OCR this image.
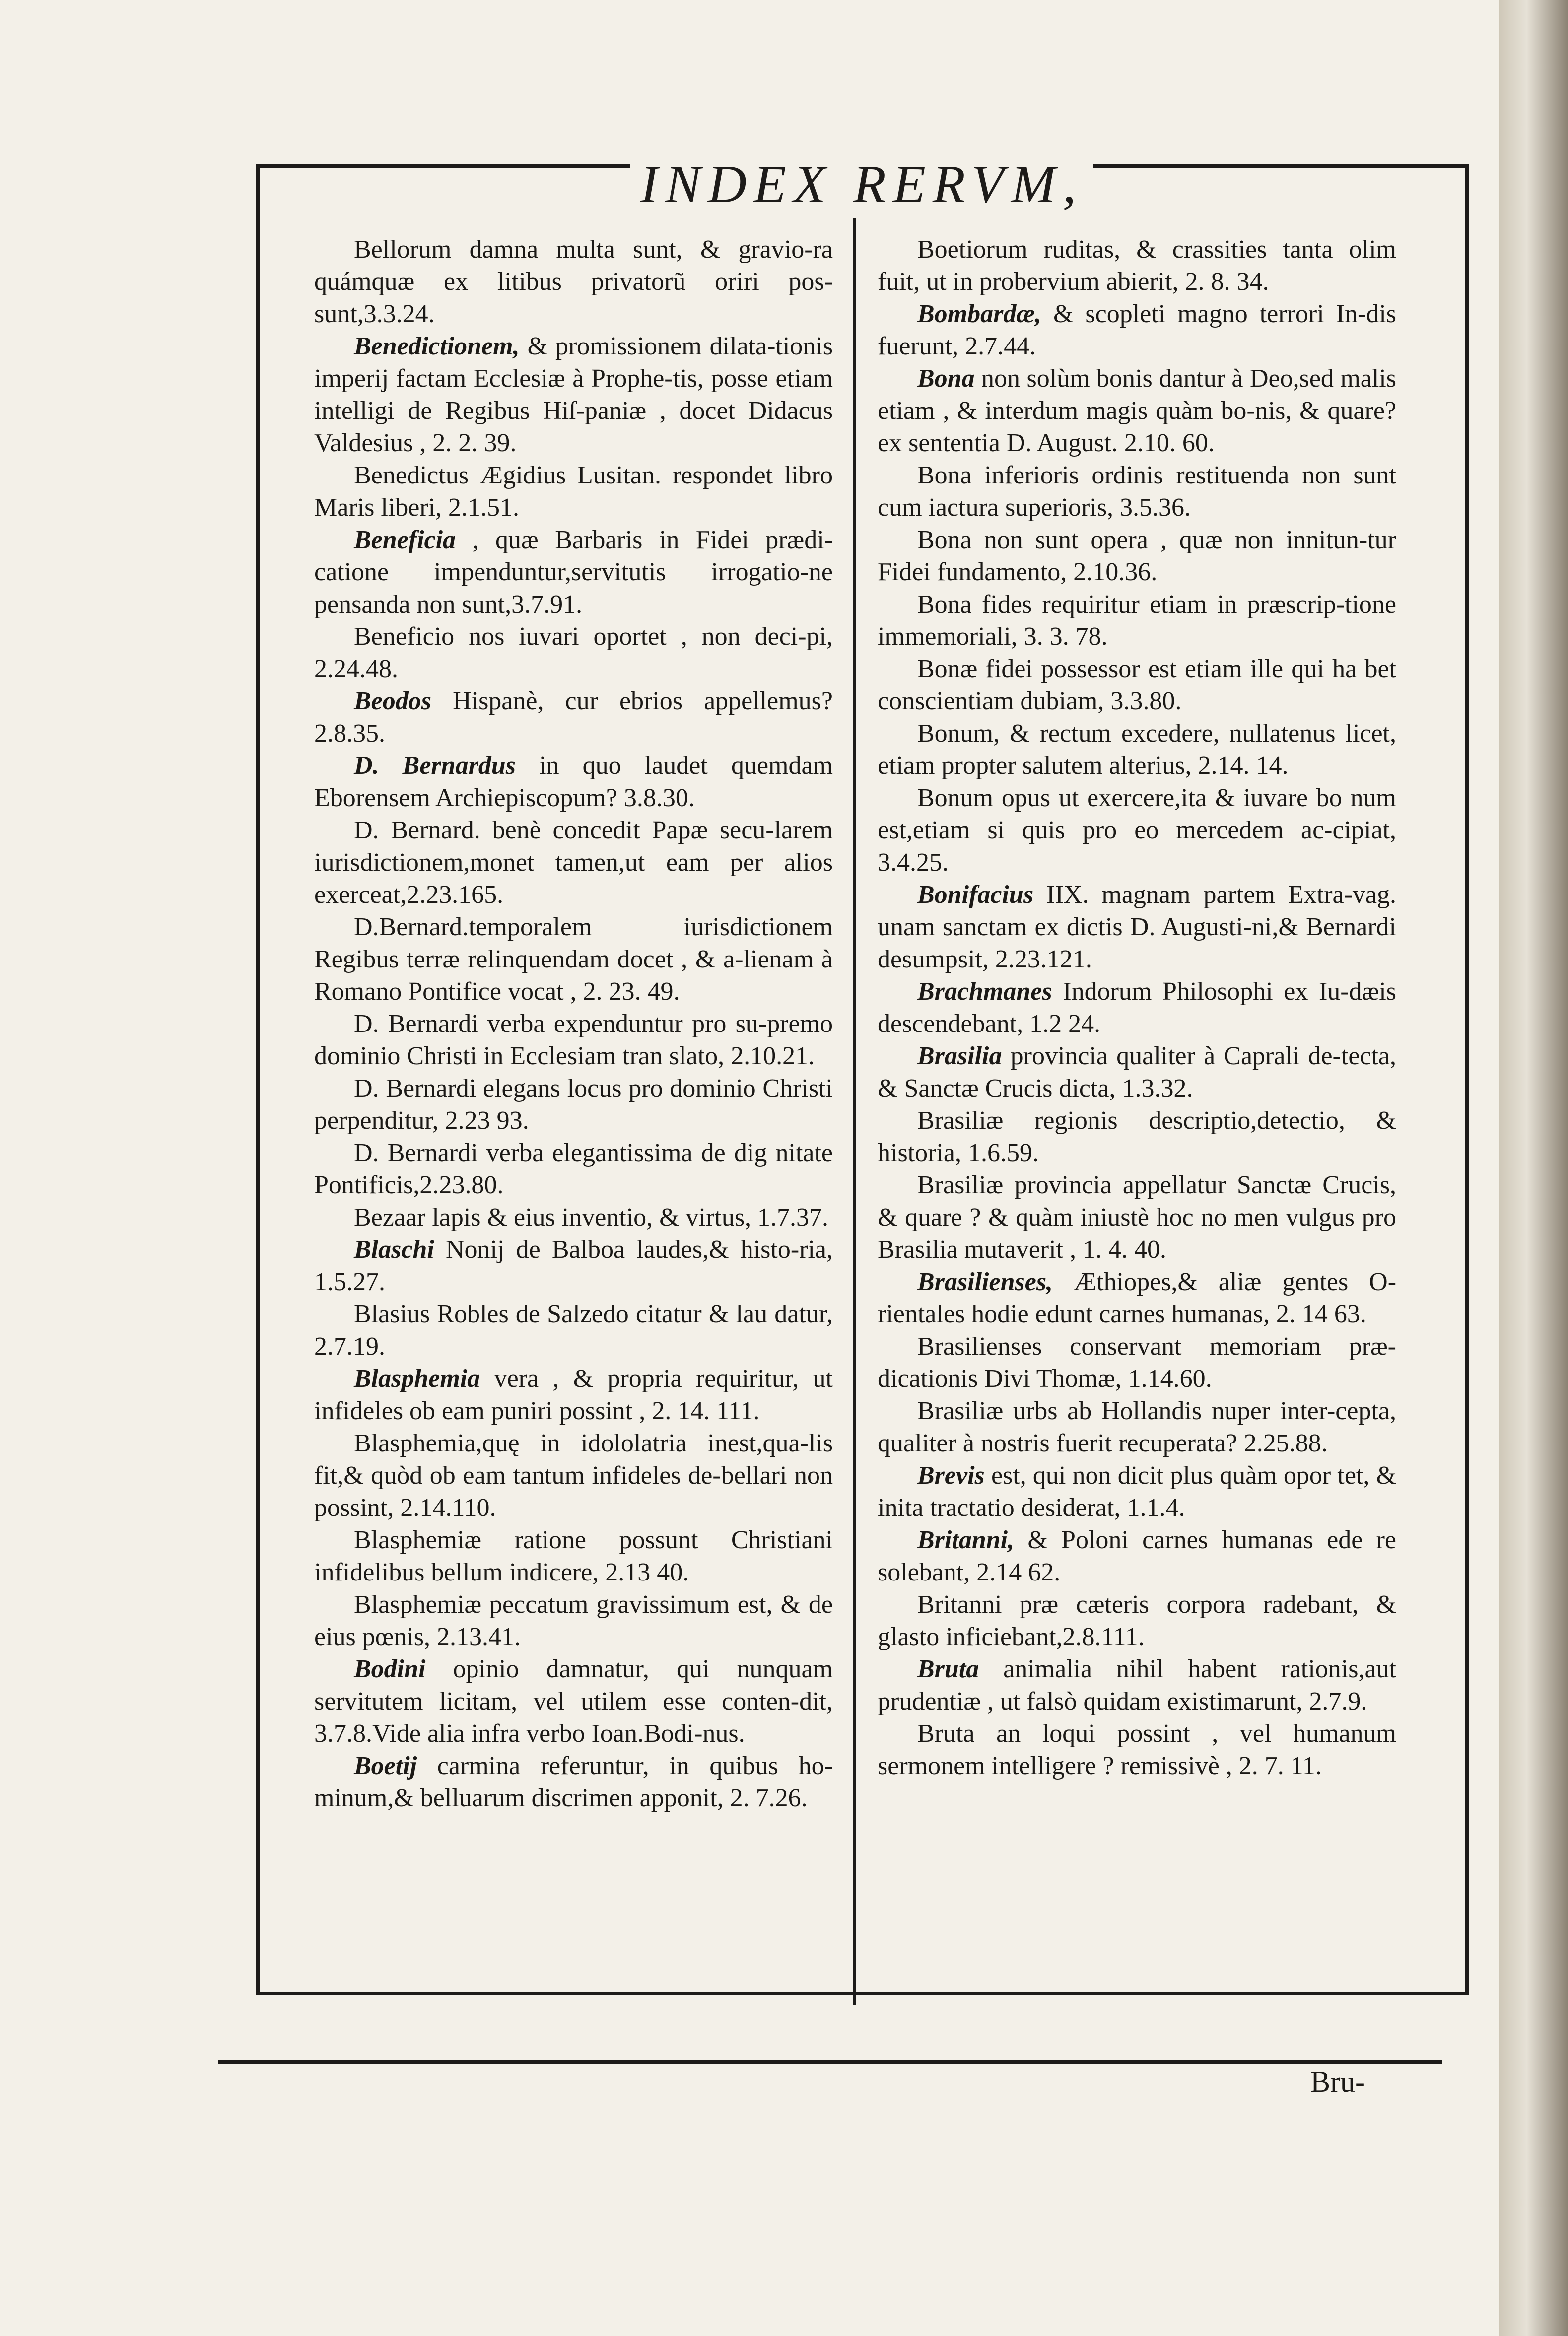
INDEX RERVM,

Bellorum damna multa sunt, & gravio-ra quámquæ ex litibus privatorũ oriri pos-sunt,3.3.24.

Benedictionem, & promissionem dilata-tionis imperij factam Ecclesiæ à Prophe-tis, posse etiam intelligi de Regibus Hiſ-paniæ , docet Didacus Valdesius , 2. 2. 39.

Benedictus Ægidius Lusitan. respondet libro Maris liberi, 2.1.51.

Beneficia , quæ Barbaris in Fidei prædi-catione impenduntur,servitutis irrogatio-ne pensanda non sunt,3.7.91.

Beneficio nos iuvari oportet , non deci-pi, 2.24.48.

Beodos Hispanè, cur ebrios appellemus? 2.8.35.

D. Bernardus in quo laudet quemdam Eborensem Archiepiscopum? 3.8.30.

D. Bernard. benè concedit Papæ secu-larem iurisdictionem,monet tamen,ut eam per alios exerceat,2.23.165.

D.Bernard.temporalem iurisdictionem Regibus terræ relinquendam docet , & a-lienam à Romano Pontifice vocat , 2. 23. 49.

D. Bernardi verba expenduntur pro su-premo dominio Christi in Ecclesiam tran slato, 2.10.21.

D. Bernardi elegans locus pro dominio Christi perpenditur, 2.23 93.

D. Bernardi verba elegantissima de dig nitate Pontificis,2.23.80.

Bezaar lapis & eius inventio, & virtus, 1.7.37.

Blaschi Nonij de Balboa laudes,& histo-ria, 1.5.27.

Blasius Robles de Salzedo citatur & lau datur, 2.7.19.

Blasphemia vera , & propria requiritur, ut infideles ob eam puniri possint , 2. 14. 111.

Blasphemia,quę in idololatria inest,qua-lis fit,& quòd ob eam tantum infideles de-bellari non possint, 2.14.110.

Blasphemiæ ratione possunt Christiani infidelibus bellum indicere, 2.13 40.

Blasphemiæ peccatum gravissimum est, & de eius pœnis, 2.13.41.

Bodini opinio damnatur, qui nunquam servitutem licitam, vel utilem esse conten-dit, 3.7.8.Vide alia infra verbo Ioan.Bodi-nus.

Boetij carmina referuntur, in quibus ho-minum,& belluarum discrimen apponit, 2. 7.26.

Boetiorum ruditas, & crassities tanta olim fuit, ut in probervium abierit, 2. 8. 34.

Bombardæ, & scopleti magno terrori In-dis fuerunt, 2.7.44.

Bona non solùm bonis dantur à Deo,sed malis etiam , & interdum magis quàm bo-nis, & quare? ex sententia D. August. 2.10. 60.

Bona inferioris ordinis restituenda non sunt cum iactura superioris, 3.5.36.

Bona non sunt opera , quæ non innitun-tur Fidei fundamento, 2.10.36.

Bona fides requiritur etiam in præscrip-tione immemoriali, 3. 3. 78.

Bonæ fidei possessor est etiam ille qui ha bet conscientiam dubiam, 3.3.80.

Bonum, & rectum excedere, nullatenus licet, etiam propter salutem alterius, 2.14. 14.

Bonum opus ut exercere,ita & iuvare bo num est,etiam si quis pro eo mercedem ac-cipiat, 3.4.25.

Bonifacius IIX. magnam partem Extra-vag. unam sanctam ex dictis D. Augusti-ni,& Bernardi desumpsit, 2.23.121.

Brachmanes Indorum Philosophi ex Iu-dæis descendebant, 1.2 24.

Brasilia provincia qualiter à Caprali de-tecta, & Sanctæ Crucis dicta, 1.3.32.

Brasiliæ regionis descriptio,detectio, & historia, 1.6.59.

Brasiliæ provincia appellatur Sanctæ Crucis, & quare ? & quàm iniustè hoc no men vulgus pro Brasilia mutaverit , 1. 4. 40.

Brasilienses, Æthiopes,& aliæ gentes O-rientales hodie edunt carnes humanas, 2. 14 63.

Brasilienses conservant memoriam præ-dicationis Divi Thomæ, 1.14.60.

Brasiliæ urbs ab Hollandis nuper inter-cepta, qualiter à nostris fuerit recuperata? 2.25.88.

Brevis est, qui non dicit plus quàm opor tet, & inita tractatio desiderat, 1.1.4.

Britanni, & Poloni carnes humanas ede re solebant, 2.14 62.

Britanni præ cæteris corpora radebant, & glasto inficiebant,2.8.111.

Bruta animalia nihil habent rationis,aut prudentiæ , ut falsò quidam existimarunt, 2.7.9.

Bruta an loqui possint , vel humanum sermonem intelligere ? remissivè , 2. 7. 11.

Bru-
